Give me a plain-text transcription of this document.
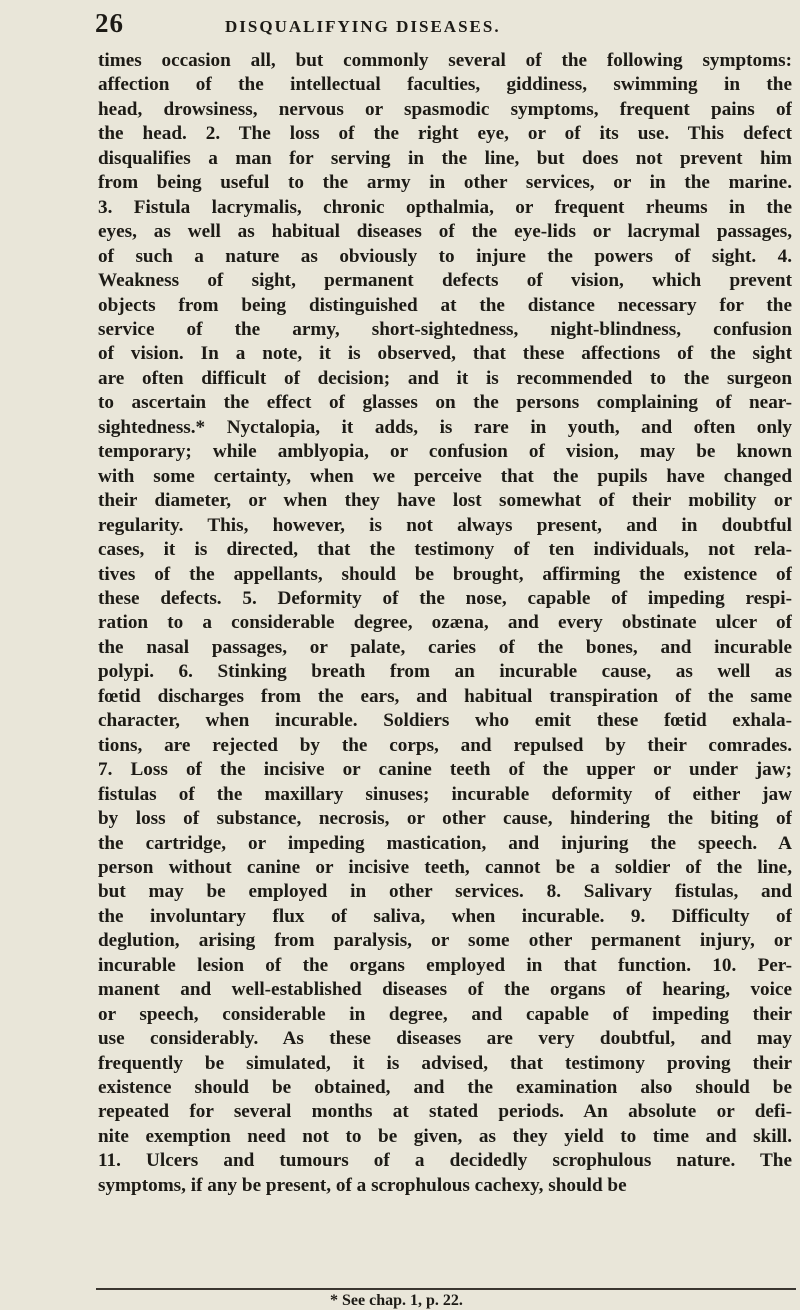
26	DISQUALIFYING DISEASES.
times occasion all, but commonly several of the following symptoms:
affection of the intellectual faculties, giddiness, swimming in the
head, drowsiness, nervous or spasmodic symptoms, frequent pains of
the head. 2. The loss of the right eye, or of its use. This defect
disqualifies a man for serving in the line, but does not prevent him
from being useful to the army in other services, or in the marine.
3. Fistula lacrymalis, chronic opthalmia, or frequent rheums in the
eyes, as well as habitual diseases of the eye-lids or lacrymal passages,
of such a nature as obviously to injure the powers of sight. 4.
Weakness of sight, permanent defects of vision, which prevent
objects from being distinguished at the distance necessary for the
service of the army, short-sightedness, night-blindness, confusion
of vision. In a note, it is observed, that these affections of the sight
are often difficult of decision; and it is recommended to the surgeon
to ascertain the effect of glasses on the persons complaining of near-
sightedness.* Nyctalopia, it adds, is rare in youth, and often only
temporary; while amblyopia, or confusion of vision, may be known
with some certainty, when we perceive that the pupils have changed
their diameter, or when they have lost somewhat of their mobility or
regularity. This, however, is not always present, and in doubtful
cases, it is directed, that the testimony of ten individuals, not rela-
tives of the appellants, should be brought, affirming the existence of
these defects. 5. Deformity of the nose, capable of impeding respi-
ration to a considerable degree, ozæna, and every obstinate ulcer of
the nasal passages, or palate, caries of the bones, and incurable
polypi. 6. Stinking breath from an incurable cause, as well as
fœtid discharges from the ears, and habitual transpiration of the same
character, when incurable. Soldiers who emit these fœtid exhala-
tions, are rejected by the corps, and repulsed by their comrades.
7. Loss of the incisive or canine teeth of the upper or under jaw;
fistulas of the maxillary sinuses; incurable deformity of either jaw
by loss of substance, necrosis, or other cause, hindering the biting of
the cartridge, or impeding mastication, and injuring the speech. A
person without canine or incisive teeth, cannot be a soldier of the line,
but may be employed in other services. 8. Salivary fistulas, and
the involuntary flux of saliva, when incurable. 9. Difficulty of
deglution, arising from paralysis, or some other permanent injury, or
incurable lesion of the organs employed in that function. 10. Per-
manent and well-established diseases of the organs of hearing, voice
or speech, considerable in degree, and capable of impeding their
use considerably. As these diseases are very doubtful, and may
frequently be simulated, it is advised, that testimony proving their
existence should be obtained, and the examination also should be
repeated for several months at stated periods. An absolute or defi-
nite exemption need not to be given, as they yield to time and skill.
11. Ulcers and tumours of a decidedly scrophulous nature. The
symptoms, if any be present, of a scrophulous cachexy, should be
* See chap. 1, p. 22.
